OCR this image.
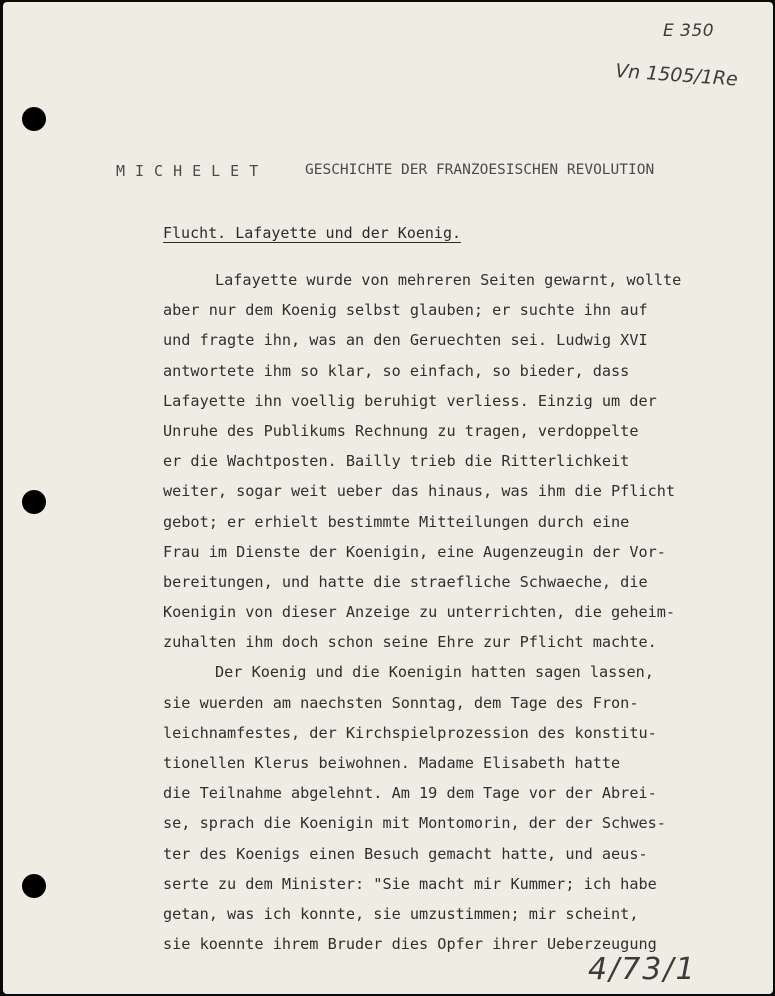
E 350
Vn 1505/1Re
MICHELET	GESCHICHTE DER FRANZOESISCHEN REVOLUTION
Flucht. Lafayette und der Koenig.
Lafayette wurde von mehreren Seiten gewarnt, wollte
aber nur dem Koenig selbst glauben; er suchte ihn auf
und fragte ihn, was an den Geruechten sei. Ludwig XVI
antwortete ihm so klar, so einfach, so bieder, dass
Lafayette ihn voellig beruhigt verliess. Einzig um der
Unruhe des Publikums Rechnung zu tragen, verdoppelte
er die Wachtposten. Bailly trieb die Ritterlichkeit
weiter, sogar weit ueber das hinaus, was ihm die Pflicht
gebot; er erhielt bestimmte Mitteilungen durch eine
Frau im Dienste der Koenigin, eine Augenzeugin der Vor-
bereitungen, und hatte die straefliche Schwaeche, die
Koenigin von dieser Anzeige zu unterrichten, die geheim-
zuhalten ihm doch schon seine Ehre zur Pflicht machte.
Der Koenig und die Koenigin hatten sagen lassen,
sie wuerden am naechsten Sonntag, dem Tage des Fron-
leichnamfestes, der Kirchspielprozession des konstitu-
tionellen Klerus beiwohnen. Madame Elisabeth hatte
die Teilnahme abgelehnt. Am 19 dem Tage vor der Abrei-
se, sprach die Koenigin mit Montomorin, der der Schwes-
ter des Koenigs einen Besuch gemacht hatte, und aeus-
serte zu dem Minister: "Sie macht mir Kummer; ich habe
getan, was ich konnte, sie umzustimmen; mir scheint,
sie koennte ihrem Bruder dies Opfer ihrer Ueberzeugung
4/73/1
